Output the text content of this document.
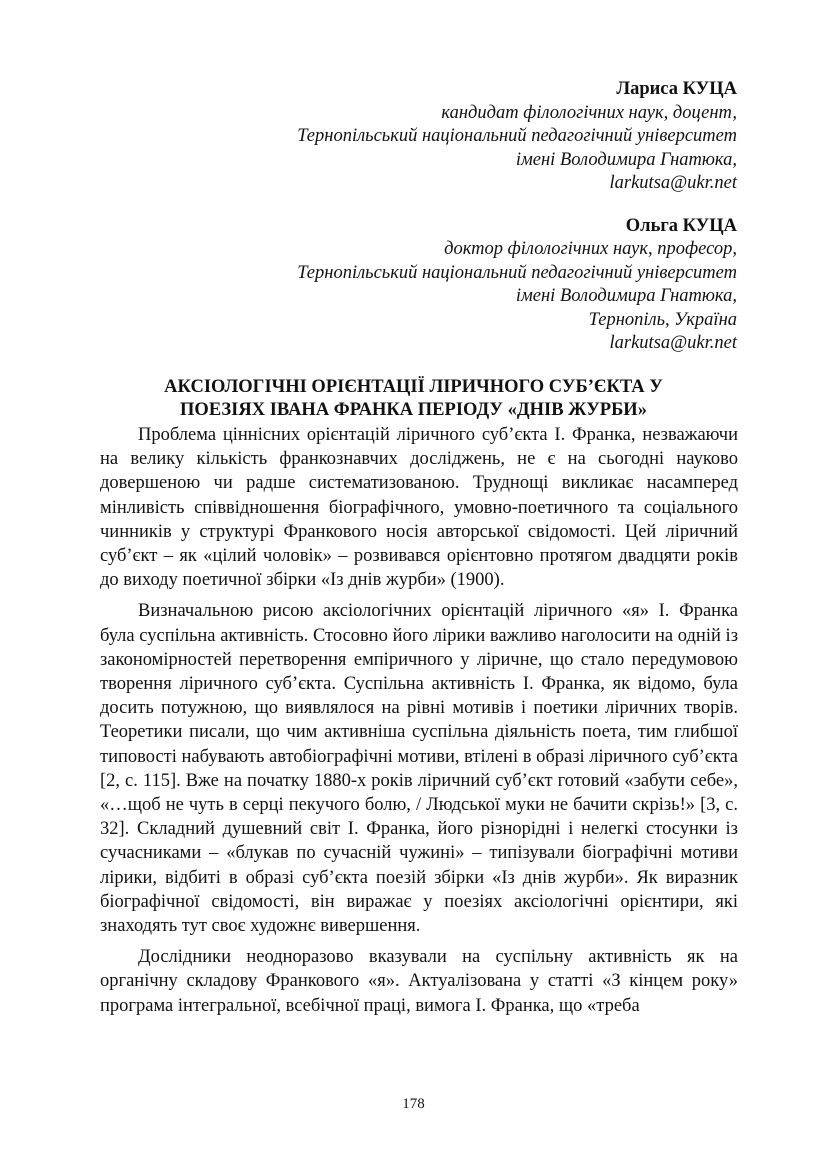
Лариса КУЦА
кандидат філологічних наук, доцент,
Тернопільський національний педагогічний університет
імені Володимира Гнатюка,
larkutsa@ukr.net
Ольга КУЦА
доктор філологічних наук, професор,
Тернопільський національний педагогічний університет
імені Володимира Гнатюка,
Тернопіль, Україна
larkutsa@ukr.net
АКСІОЛОГІЧНІ ОРІЄНТАЦІЇ ЛІРИЧНОГО СУБ’ЄКТА У
ПОЕЗІЯХ ІВАНА ФРАНКА ПЕРІОДУ «ДНІВ ЖУРБИ»

Проблема ціннісних орієнтацій ліричного суб’єкта І. Франка, незважаючи на велику кількість франкознавчих досліджень, не є на сьогодні науково довершеною чи радше систематизованою. Труднощі викликає насамперед мінливість співвідношення біографічного, умовно-поетичного та соціального чинників у структурі Франкового носія авторської свідомості. Цей ліричний суб’єкт – як «цілий чоловік» – розвивався орієнтовно протягом двадцяти років до виходу поетичної збірки «Із днів журби» (1900).

Визначальною рисою аксіологічних орієнтацій ліричного «я» І. Франка була суспільна активність. Стосовно його лірики важливо наголосити на одній із закономірностей перетворення емпіричного у ліричне, що стало передумовою творення ліричного суб’єкта. Суспільна активність І. Франка, як відомо, була досить потужною, що виявлялося на рівні мотивів і поетики ліричних творів. Теоретики писали, що чим активніша суспільна діяльність поета, тим глибшої типовості набувають автобіографічні мотиви, втілені в образі ліричного суб’єкта [2, с. 115]. Вже на початку 1880-х років ліричний суб’єкт готовий «забути себе», «…щоб не чуть в серці пекучого болю, / Людської муки не бачити скрізь!» [3, с. 32]. Складний душевний світ І. Франка, його різнорідні і нелегкі стосунки із сучасниками – «блукав по сучасній чужині» – типізували біографічні мотиви лірики, відбиті в образі суб’єкта поезій збірки «Із днів журби». Як виразник біографічної свідомості, він виражає у поезіях аксіологічні орієнтири, які знаходять тут своє художнє вивершення.

Дослідники неодноразово вказували на суспільну активність як на органічну складову Франкового «я». Актуалізована у статті «З кінцем року» програма інтегральної, всебічної праці, вимога І. Франка, що «треба

178
